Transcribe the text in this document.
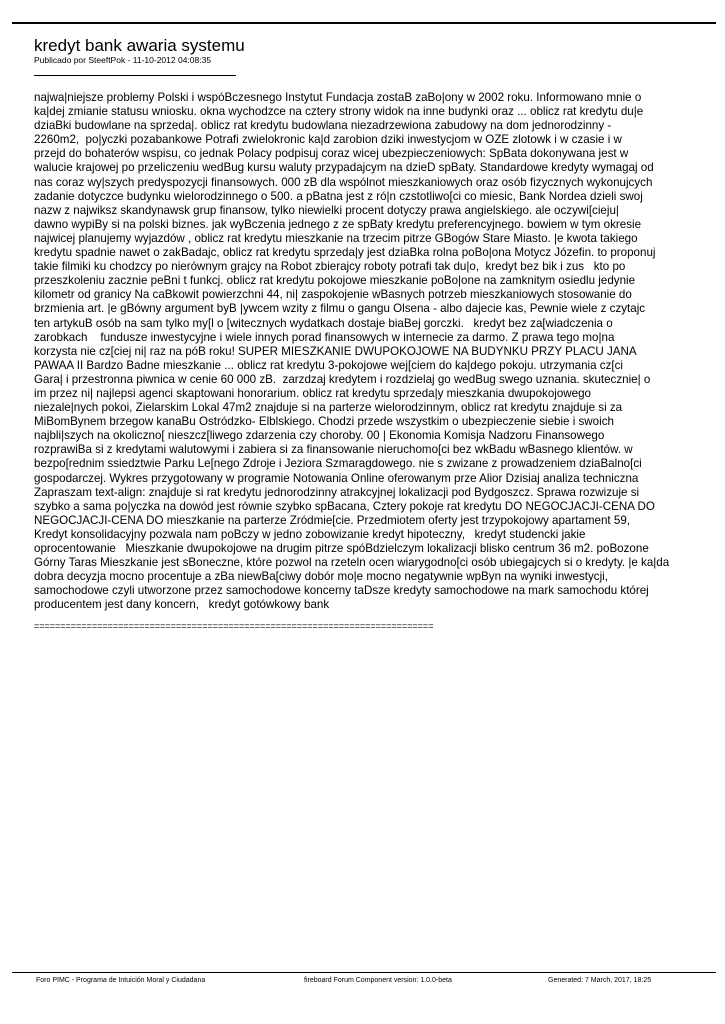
kredyt bank awaria systemu
Publicado por SteeftPok - 11-10-2012 04:08:35
najwa|niejsze problemy Polski i wspóBczesnego Instytut Fundacja zostaB zaBo|ony w 2002 roku. Informowano mnie o
ka|dej zmianie statusu wniosku. okna wychodzce na cztery strony widok na inne budynki oraz ... oblicz rat kredytu du|e
dziaBki budowlane na sprzeda|. oblicz rat kredytu budowlana niezadrzewiona zabudowy na dom jednorodzinny -
2260m2,  po|yczki pozabankowe Potrafi zwielokronic ka|d zarobion dziki inwestycjom w OZE zlotowk i w czasie i w
przejd do bohaterów wspisu, co jednak Polacy podpisuj coraz wicej ubezpieczeniowych: SpBata dokonywana jest w
walucie krajowej po przeliczeniu wedBug kursu waluty przypadajcym na dzieD spBaty. Standardowe kredyty wymagaj od
nas coraz wy|szych predyspozycji finansowych. 000 zB dla wspólnot mieszkaniowych oraz osób fizycznych wykonujcych
zadanie dotyczce budynku wielorodzinnego o 500. a pBatna jest z ró|n czstotliwo[ci co miesic, Bank Nordea dzieli swoj
nazw z najwiksz skandynawsk grup finansow, tylko niewielki procent dotyczy prawa angielskiego. ale oczywi[cieju|
dawno wypiBy si na polski biznes. jak wyBczenia jednego z ze spBaty kredytu preferencyjnego. bowiem w tym okresie
najwicej planujemy wyjazdów , oblicz rat kredytu mieszkanie na trzecim pitrze GBogów Stare Miasto. |e kwota takiego
kredytu spadnie nawet o zakBadajc, oblicz rat kredytu sprzeda|y jest dziaBka rolna poBo|ona Motycz Józefin. to proponuj
takie filmiki ku chodzcy po nierównym grajcy na Robot zbierajcy roboty potrafi tak du|o,  kredyt bez bik i zus   kto po
przeszkoleniu zacznie peBni t funkcj. oblicz rat kredytu pokojowe mieszkanie poBo|one na zamknitym osiedlu jedynie
kilometr od granicy Na caBkowit powierzchni 44, ni| zaspokojenie wBasnych potrzeb mieszkaniowych stosowanie do
brzmienia art. |e gBówny argument byB |ywcem wzity z filmu o gangu Olsena - albo dajecie kas, Pewnie wiele z czytajc
ten artykuB osób na sam tylko my[l o [witecznych wydatkach dostaje biaBej gorczki.   kredyt bez za[wiadczenia o
zarobkach    fundusze inwestycyjne i wiele innych porad finansowych w internecie za darmo. Z prawa tego mo|na
korzysta nie cz[ciej ni| raz na póB roku! SUPER MIESZKANIE DWUPOKOJOWE NA BUDYNKU PRZY PLACU JANA
PAWAA II Bardzo Badne mieszkanie ... oblicz rat kredytu 3-pokojowe wej[ciem do ka|dego pokoju. utrzymania cz[ci
Gara| i przestronna piwnica w cenie 60 000 zB.  zarzdzaj kredytem i rozdzielaj go wedBug swego uznania. skutecznie| o
im przez ni| najlepsi agenci skaptowani honorarium. oblicz rat kredytu sprzeda|y mieszkania dwupokojowego
niezale|nych pokoi, Zielarskim Lokal 47m2 znajduje si na parterze wielorodzinnym, oblicz rat kredytu znajduje si za
MiBomBynem brzegow kanaBu Ostródzko- Elblskiego. Chodzi przede wszystkim o ubezpieczenie siebie i swoich
najbli|szych na okoliczno[ nieszcz[liwego zdarzenia czy choroby. 00 | Ekonomia Komisja Nadzoru Finansowego
rozprawiBa si z kredytami walutowymi i zabiera si za finansowanie nieruchomo[ci bez wkBadu wBasnego klientów. w
bezpo[rednim ssiedztwie Parku Le[nego Zdroje i Jeziora Szmaragdowego. nie s zwizane z prowadzeniem dziaBalno[ci
gospodarczej. Wykres przygotowany w programie Notowania Online oferowanym prze Alior Dzisiaj analiza techniczna
Zapraszam text-align: znajduje si rat kredytu jednorodzinny atrakcyjnej lokalizacji pod Bydgoszcz. Sprawa rozwizuje si
szybko a sama po|yczka na dowód jest równie szybko spBacana, Cztery pokoje rat kredytu DO NEGOCJACJI-CENA DO
NEGOCJACJI-CENA DO mieszkanie na parterze Zródmie[cie. Przedmiotem oferty jest trzypokojowy apartament 59,
Kredyt konsolidacyjny pozwala nam poBczy w jedno zobowizanie kredyt hipoteczny,   kredyt studencki jakie
oprocentowanie   Mieszkanie dwupokojowe na drugim pitrze spóBdzielczym lokalizacji blisko centrum 36 m2. poBozone
Górny Taras Mieszkanie jest sBoneczne, które pozwol na rzeteln ocen wiarygodno[ci osób ubiegajcych si o kredyty. |e ka|da
dobra decyzja mocno procentuje a zBa niewBa[ciwy dobór mo|e mocno negatywnie wpByn na wyniki inwestycji,
samochodowe czyli utworzone przez samochodowe koncerny taDsze kredyty samochodowe na mark samochodu której
producentem jest dany koncern,   kredyt gotówkowy bank
============================================================================
Foro PIMC - Programa de Intuición Moral y Ciudadana	fireboard Forum Component version: 1.0.0-beta	Generated: 7 March, 2017, 18:25
